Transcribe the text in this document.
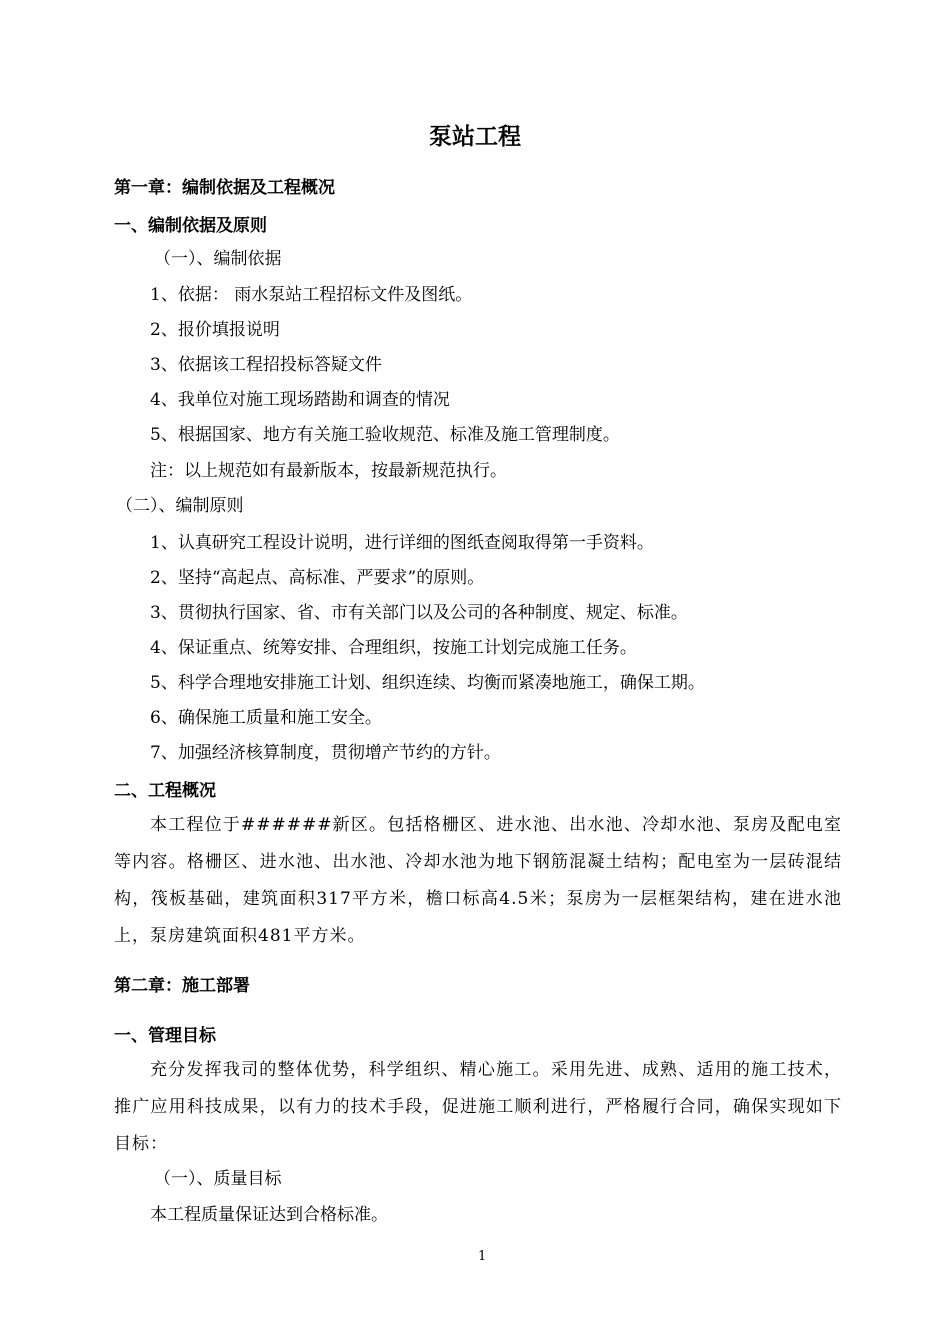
泵站工程
第一章：编制依据及工程概况
一、编制依据及原则
（一）、编制依据
1、依据： 雨水泵站工程招标文件及图纸。
2、报价填报说明
3、依据该工程招投标答疑文件
4、我单位对施工现场踏勘和调查的情况
5、根据国家、地方有关施工验收规范、标准及施工管理制度。
注：以上规范如有最新版本，按最新规范执行。
（二）、编制原则
1、认真研究工程设计说明，进行详细的图纸查阅取得第一手资料。
2、坚持“高起点、高标准、严要求”的原则。
3、贯彻执行国家、省、市有关部门以及公司的各种制度、规定、标准。
4、保证重点、统筹安排、合理组织，按施工计划完成施工任务。
5、科学合理地安排施工计划、组织连续、均衡而紧凑地施工，确保工期。
6、确保施工质量和施工安全。
7、加强经济核算制度，贯彻增产节约的方针。
二、工程概况
本工程位于######新区。包括格栅区、进水池、出水池、冷却水池、泵房及配电室等内容。格栅区、进水池、出水池、冷却水池为地下钢筋混凝土结构；配电室为一层砖混结构，筏板基础，建筑面积317平方米，檐口标高4.5米；泵房为一层框架结构，建在进水池上，泵房建筑面积481平方米。
第二章：施工部署
一、管理目标
充分发挥我司的整体优势，科学组织、精心施工。采用先进、成熟、适用的施工技术，推广应用科技成果，以有力的技术手段，促进施工顺利进行，严格履行合同，确保实现如下目标：
（一）、质量目标
本工程质量保证达到合格标准。
1
